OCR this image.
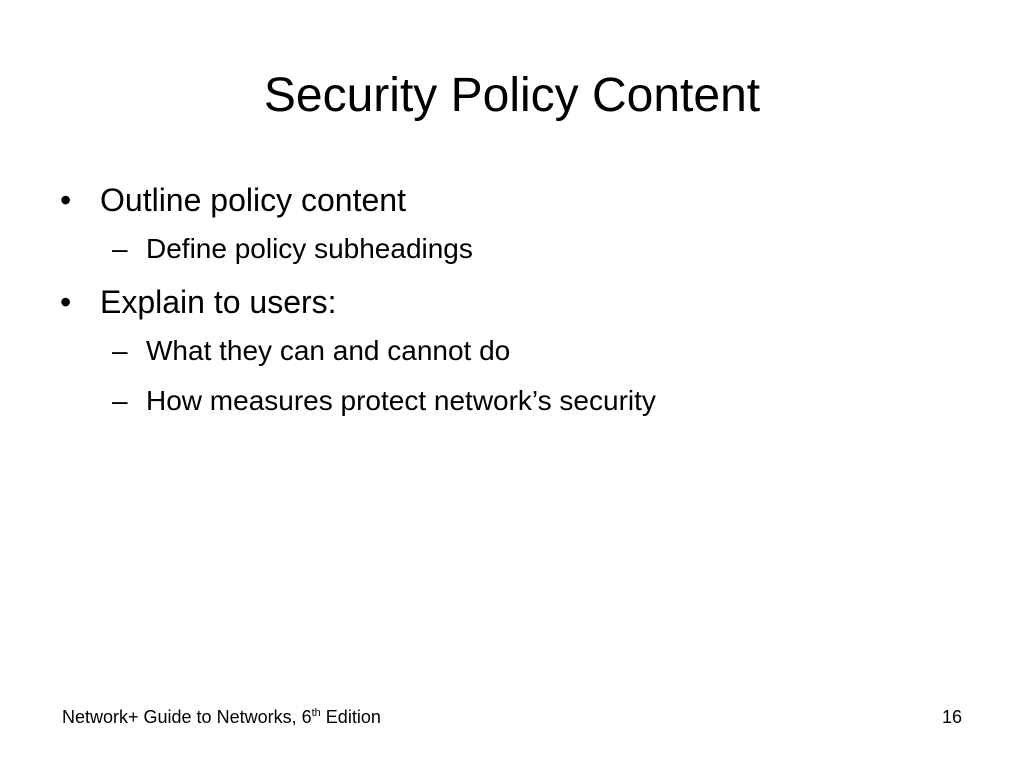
Security Policy Content

• Outline policy content

– Define policy subheadings

• Explain to users:

– What they can and cannot do

– How measures protect network’s security

Network+ Guide to Networks, 6th Edition	16
